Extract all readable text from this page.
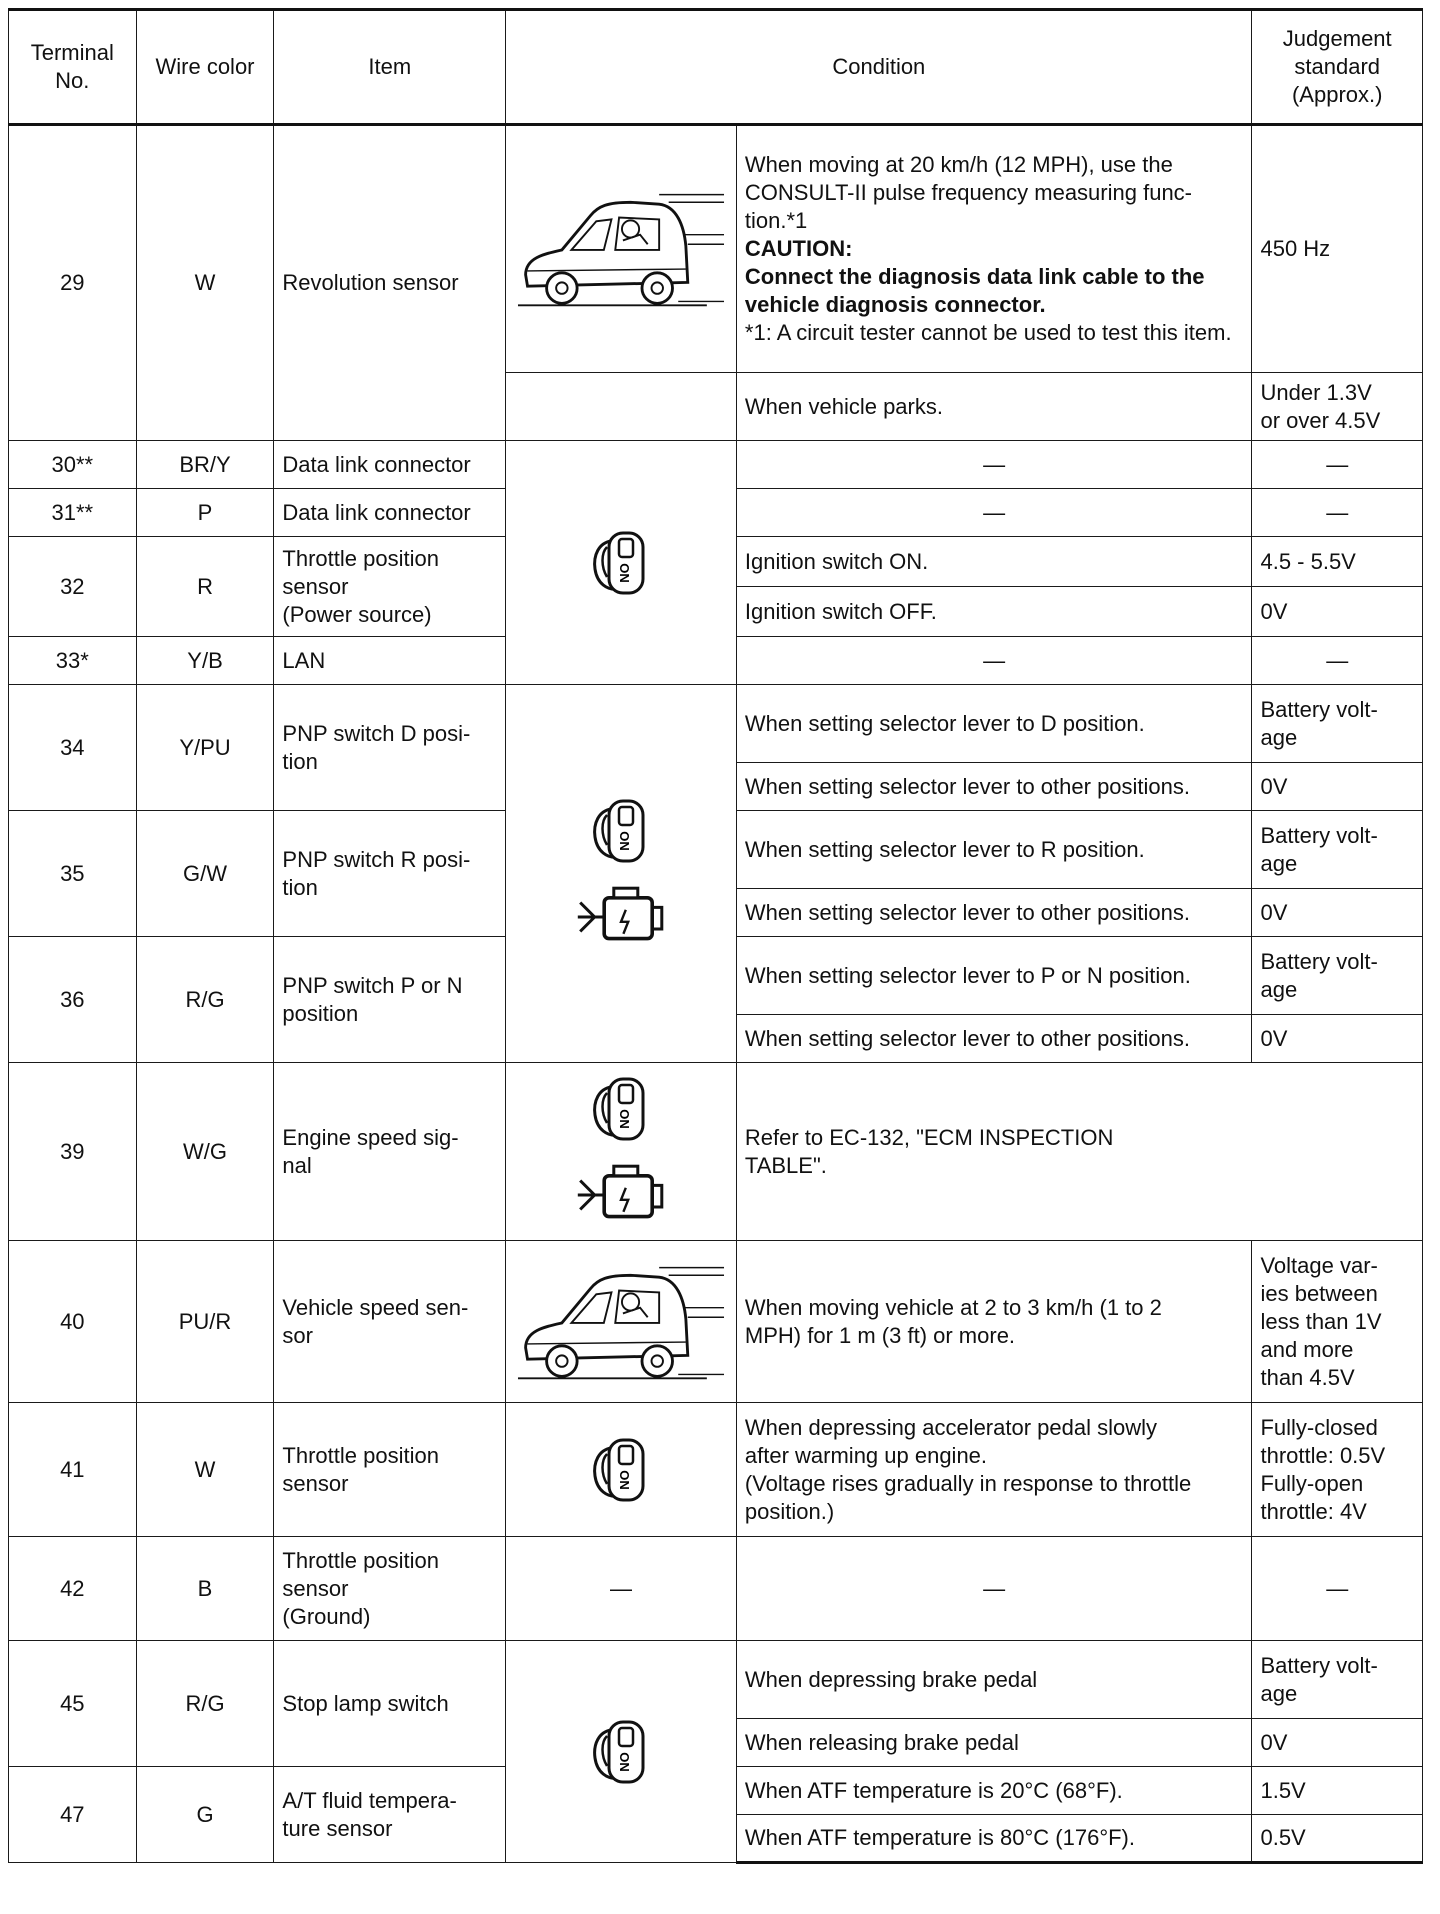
Terminal
No.	Wire color	Item	Condition		Judgement
standard
(Approx.)
29	W	Revolution sensor		When moving at 20 km/h (12 MPH), use the CONSULT-II pulse frequency measuring func-
tion.*1
CAUTION:
Connect the diagnosis data link cable to the vehicle diagnosis connector.
*1: A circuit tester cannot be used to test this item.	450 Hz
				When vehicle parks.	Under 1.3V
or over 4.5V
30**	BR/Y	Data link connector		—	—
31**	P	Data link connector		—	—
32	R	Throttle position
sensor
(Power source)		Ignition switch ON.	4.5 - 5.5V
				Ignition switch OFF.	0V
33*	Y/B	LAN		—	—
34	Y/PU	PNP switch D posi-
tion		When setting selector lever to D position.	Battery volt-
age
				When setting selector lever to other positions.	0V
35	G/W	PNP switch R posi-
tion		When setting selector lever to R position.	Battery volt-
age
				When setting selector lever to other positions.	0V
36	R/G	PNP switch P or N
position		When setting selector lever to P or N position.	Battery volt-
age
				When setting selector lever to other positions.	0V
39	W/G	Engine speed sig-
nal		Refer to EC-132, "ECM INSPECTION
TABLE".	
40	PU/R	Vehicle speed sen-
sor		When moving vehicle at 2 to 3 km/h (1 to 2
MPH) for 1 m (3 ft) or more.	Voltage var-
ies between
less than 1V
and more
than 4.5V
41	W	Throttle position
sensor		When depressing accelerator pedal slowly
after warming up engine.
(Voltage rises gradually in response to throttle
position.)	Fully-closed
throttle: 0.5V
Fully-open
throttle: 4V
42	B	Throttle position
sensor
(Ground)	—	—	—
45	R/G	Stop lamp switch		When depressing brake pedal	Battery volt-
age
				When releasing brake pedal	0V
47	G	A/T fluid tempera-
ture sensor		When ATF temperature is 20°C (68°F).	1.5V
				When ATF temperature is 80°C (176°F).	0.5V
